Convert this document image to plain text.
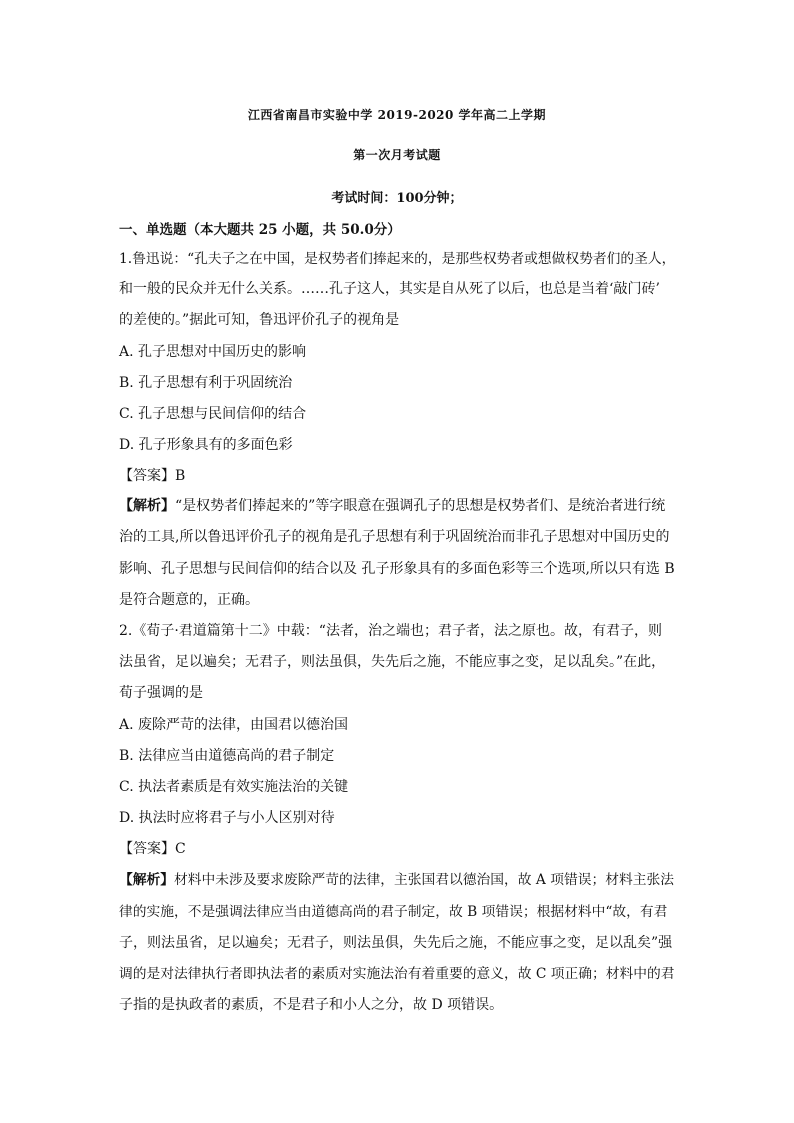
江西省南昌市实验中学 2019-2020 学年高二上学期
第一次月考试题
考试时间：100分钟；
一、单选题（本大题共 25 小题，共 50.0分）
1.鲁迅说：“孔夫子之在中国，是权势者们捧起来的，是那些权势者或想做权势者们的圣人，
和一般的民众并无什么关系。……孔子这人，其实是自从死了以后，也总是当着‘敲门砖’
的差使的。”据此可知，鲁迅评价孔子的视角是
A. 孔子思想对中国历史的影响
B. 孔子思想有利于巩固统治
C. 孔子思想与民间信仰的结合
D. 孔子形象具有的多面色彩
【答案】B
【解析】“是权势者们捧起来的”等字眼意在强调孔子的思想是权势者们、是统治者进行统
治的工具,所以鲁迅评价孔子的视角是孔子思想有利于巩固统治而非孔子思想对中国历史的
影响、孔子思想与民间信仰的结合以及 孔子形象具有的多面色彩等三个选项,所以只有选 B
是符合题意的，正确。
2.《荀子·君道篇第十二》中载：“法者，治之端也；君子者，法之原也。故，有君子，则
法虽省，足以遍矣；无君子，则法虽俱，失先后之施，不能应事之变，足以乱矣。”在此，
荀子强调的是
A. 废除严苛的法律，由国君以德治国
B. 法律应当由道德高尚的君子制定
C. 执法者素质是有效实施法治的关键
D. 执法时应将君子与小人区别对待
【答案】C
【解析】材料中未涉及要求废除严苛的法律，主张国君以德治国，故 A 项错误；材料主张法
律的实施，不是强调法律应当由道德高尚的君子制定，故 B 项错误；根据材料中“故，有君
子，则法虽省，足以遍矣；无君子，则法虽俱，失先后之施，不能应事之变，足以乱矣”强
调的是对法律执行者即执法者的素质对实施法治有着重要的意义，故 C 项正确；材料中的君
子指的是执政者的素质，不是君子和小人之分，故 D 项错误。
